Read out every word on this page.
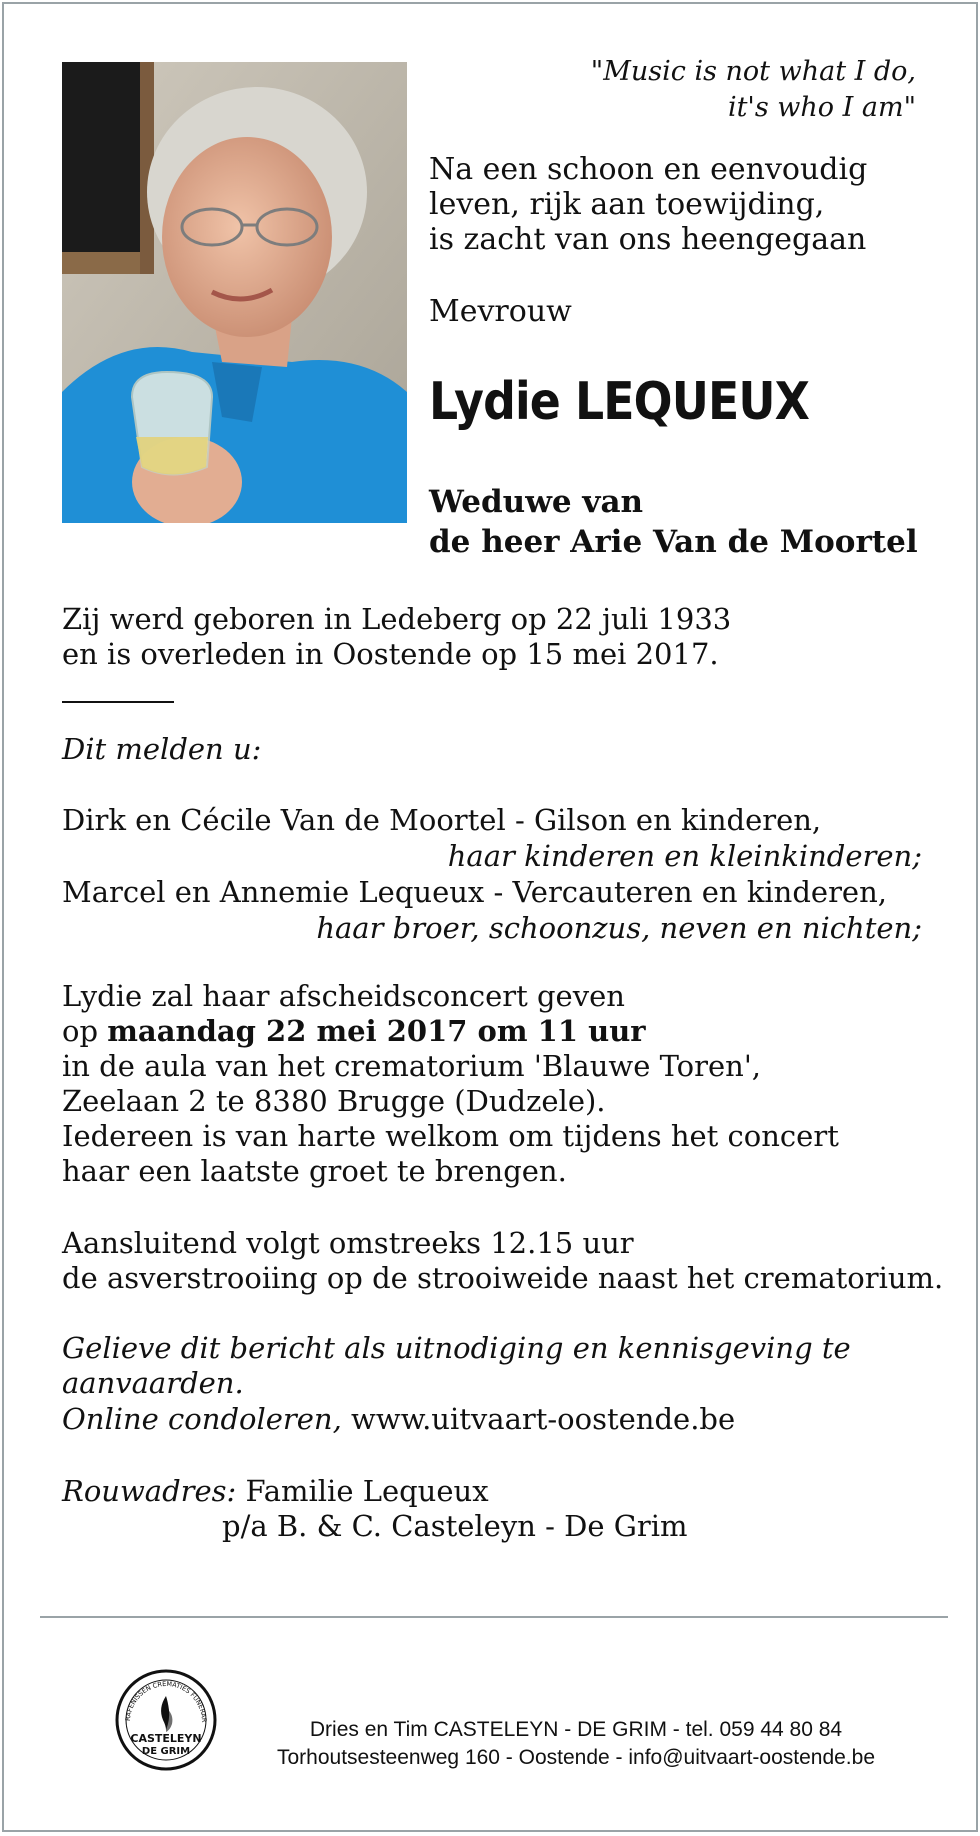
"Music is not what I do,
it's who I am"
Na een schoon en eenvoudig
leven, rijk aan toewijding,
is zacht van ons heengegaan
Mevrouw
Lydie LEQUEUX
Weduwe van
de heer Arie Van de Moortel
Zij werd geboren in Ledeberg op 22 juli 1933
en is overleden in Oostende op 15 mei 2017.
Dit melden u:
Dirk en Cécile Van de Moortel - Gilson en kinderen,
haar kinderen en kleinkinderen;
Marcel en Annemie Lequeux - Vercauteren en kinderen,
haar broer, schoonzus, neven en nichten;
Lydie zal haar afscheidsconcert geven
op maandag 22 mei 2017 om 11 uur
in de aula van het crematorium 'Blauwe Toren',
Zeelaan 2 te 8380 Brugge (Dudzele).
Iedereen is van harte welkom om tijdens het concert
haar een laatste groet te brengen.
Aansluitend volgt omstreeks 12.15 uur
de asverstrooiing op de strooiweide naast het crematorium.
Gelieve dit bericht als uitnodiging en kennisgeving te aanvaarden.
Online condoleren, www.uitvaart-oostende.be
Rouwadres: Familie Lequeux
p/a B. & C. Casteleyn - De Grim
RAFENISSEN CREMATIES FUNERAR
CASTELEYN
DE GRIM
Dries en Tim CASTELEYN - DE GRIM - tel. 059 44 80 84
Torhoutsesteenweg 160 - Oostende - info@uitvaart-oostende.be
